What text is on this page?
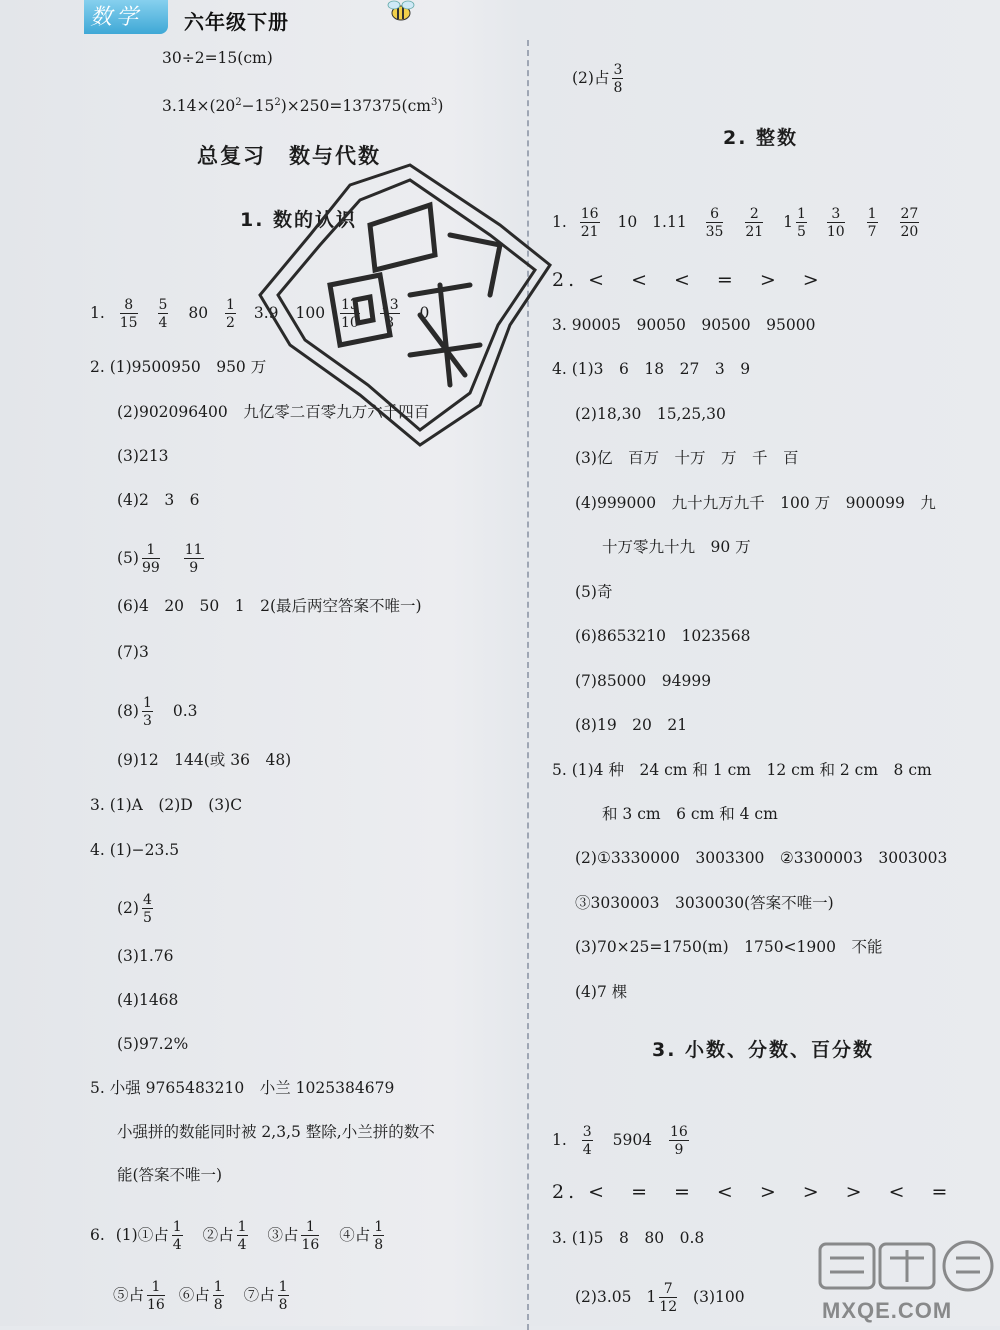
数学 六年级下册
30÷2=15(cm)
$3.14\times(20^2-15^2)\times 250=137375(cm^3)$
总复习　数与代数
1. 数的认识
1. $\frac{8}{15}$
$\frac{5}{4} 80 \frac{1}{2} 3.9$ $100 \frac{13}{10}$
$\frac{13}{3} 0$
2. (1)9500950　950 万
(2)902096400　九亿零二百零九万六千四百
(3)213
(4)2　3　6
$(5) \frac{1}{99}$
$\frac{11}{9}$
(6)4　20　50　1　2(最后两空答案不唯一)
(7)3
$(8) \frac{1}{3} 0.3$
(9)12　144(或 36　48)
3. (1)A　(2)D　(3)C
4. (1)−23.5
$(2) \frac{4}{5}$
(3)1.76
(4)1468
(5)97.2%
5. 小强 9765483210　小兰 1025384679
小强拼的数能同时被 2,3,5 整除,小兰拼的数不
能(答案不唯一)
6. (1)①占 $\frac{1}{4}$ ②占 $\frac{1}{4}$ ③占 $\frac{1}{16}$ ④占 $\frac{1}{8}$
⑤占 $\frac{1}{16}$ ⑥占 $\frac{1}{8}$ ⑦占 $\frac{1}{8}$
(2)占 $\frac{3}{8}$
2. 整数
1. $\frac{16}{21} 10$ $1.11 \frac{6}{35}$
$\frac{2}{21} 1 \frac{1}{5}$
$\frac{3}{10}$
$\frac{1}{7}$
$\frac{27}{20}$
2. <　<　<　=　>　>
3. 90005　90050　90500　95000
4. (1)3　6　18　27　3　9
(2)18,30　15,25,30
(3)亿　百万　十万　万　千　百
(4)999000　九十九万九千　100 万　900099　九
十万零九十九　90 万
(5)奇
(6)8653210　1023568
(7)85000　94999
(8)19　20　21
5. (1)4 种　24 cm 和 1 cm　12 cm 和 2 cm　8 cm
和 3 cm　6 cm 和 4 cm
(2)①3330000　3003300　②3300003　3003003
③3030003　3030030(答案不唯一)
(3)70×25=1750(m)　1750<1900　不能
(4)7 棵
3. 小数、分数、百分数
1. $\frac{3}{4} 5904 \frac{16}{9}$
2. <　=　=　<　>　>　>　<　=
3. (1)5　8　80　0.8
(2)3.05 $1 \frac{7}{12} (3)100$
MXQE.COM
